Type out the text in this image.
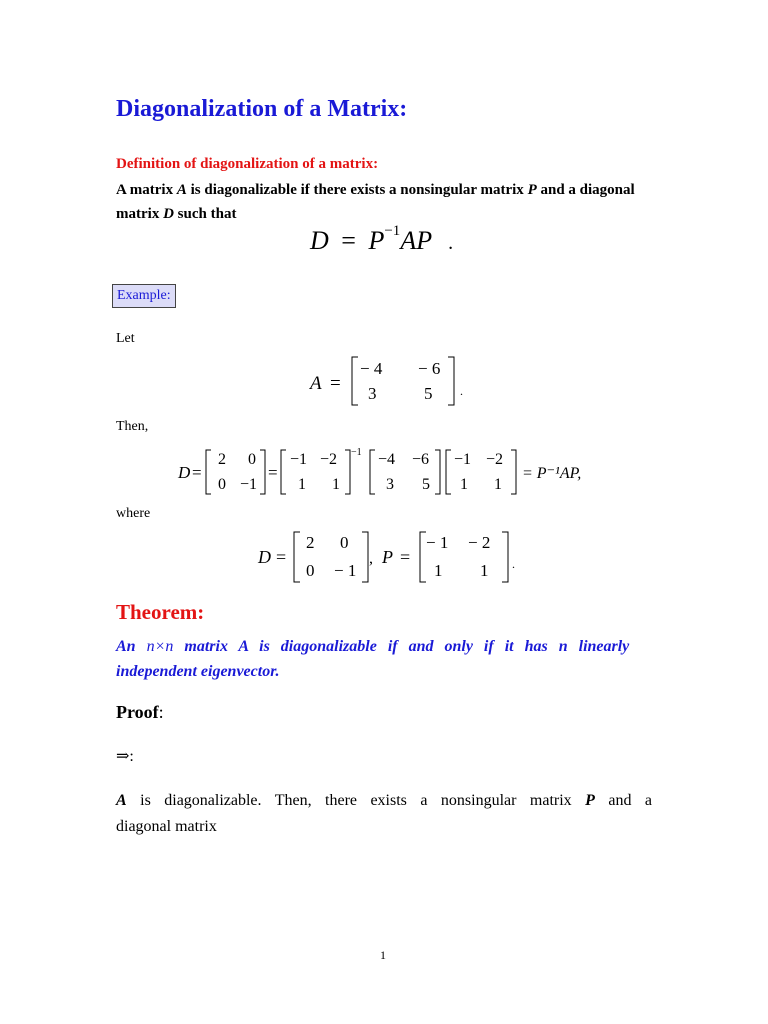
Diagonalization of a Matrix:
Definition of diagonalization of a matrix:
A matrix A is diagonalizable if there exists a nonsingular matrix P and a diagonal
matrix D such that
$D = P^{-1}AP$ .
Example:
Let
A =
− 4 − 6
3	5 .
Then,
D =
2 0
0 −1
=
−1 −2
1 1
−1 −4 −6
3 5
−1 −2
1 1
= P⁻¹AP,
where
D =
2 0
0 − 1
, P =
− 1 − 2
1 1 .
Theorem:
An n×n matrix A is diagonalizable if and only if it has n linearly
independent eigenvector.
Proof:
⇒:
A is diagonalizable. Then, there exists a nonsingular matrix P and a
diagonal matrix
1
